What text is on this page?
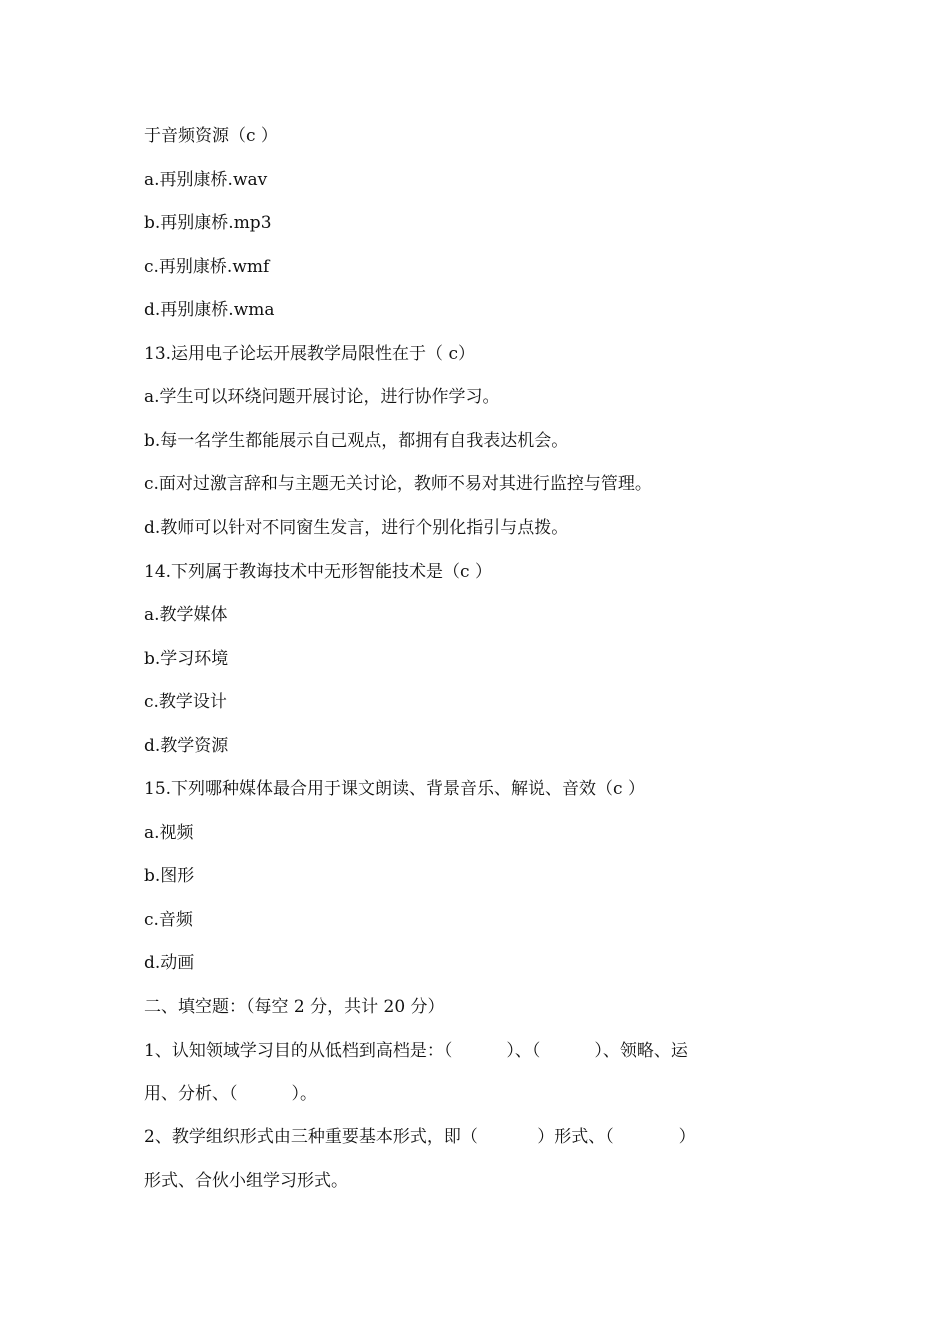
于音频资源（c ）
a.再别康桥.wav
b.再别康桥.mp3
c.再别康桥.wmf
d.再别康桥.wma
13.运用电子论坛开展教学局限性在于（ c）
a.学生可以环绕问题开展讨论，进行协作学习。
b.每一名学生都能展示自己观点，都拥有自我表达机会。
c.面对过激言辞和与主题无关讨论，教师不易对其进行监控与管理。
d.教师可以针对不同窗生发言，进行个别化指引与点拨。
14.下列属于教诲技术中无形智能技术是（c ）
a.教学媒体
b.学习环境
c.教学设计
d.教学资源
15.下列哪种媒体最合用于课文朗读、背景音乐、解说、音效（c ）
a.视频
b.图形
c.音频
d.动画
二、填空题：（每空 2 分，共计 20 分）
1、认知领域学习目的从低档到高档是：（          ）、（          ）、领略、运
用、分析、（          ）。
2、教学组织形式由三种重要基本形式，即（           ）形式、（            ）
形式、合伙小组学习形式。
